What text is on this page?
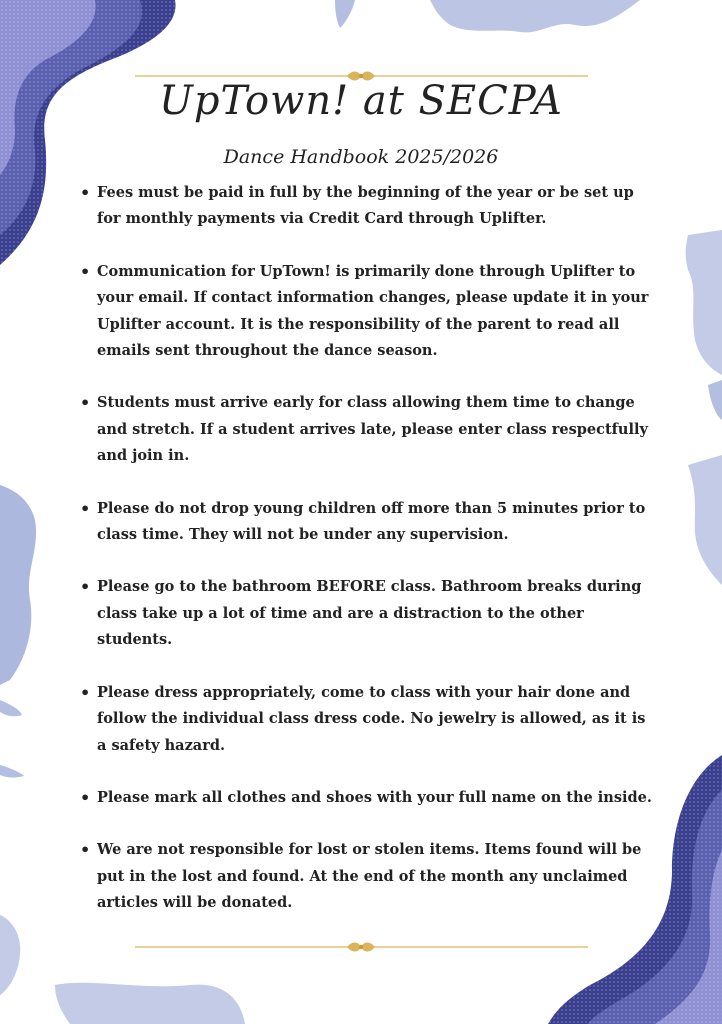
UpTown! at SECPA
Dance Handbook 2025/2026
• Fees must be paid in full by the beginning of the year or be set up for monthly payments via Credit Card through Uplifter.
• Communication for UpTown! is primarily done through Uplifter to your email. If contact information changes, please update it in your Uplifter account. It is the responsibility of the parent to read all emails sent throughout the dance season.
• Students must arrive early for class allowing them time to change and stretch. If a student arrives late, please enter class respectfully and join in.
• Please do not drop young children off more than 5 minutes prior to class time. They will not be under any supervision.
• Please go to the bathroom BEFORE class. Bathroom breaks during class take up a lot of time and are a distraction to the other students.
• Please dress appropriately, come to class with your hair done and follow the individual class dress code. No jewelry is allowed, as it is a safety hazard.
• Please mark all clothes and shoes with your full name on the inside.
• We are not responsible for lost or stolen items. Items found will be put in the lost and found. At the end of the month any unclaimed articles will be donated.
